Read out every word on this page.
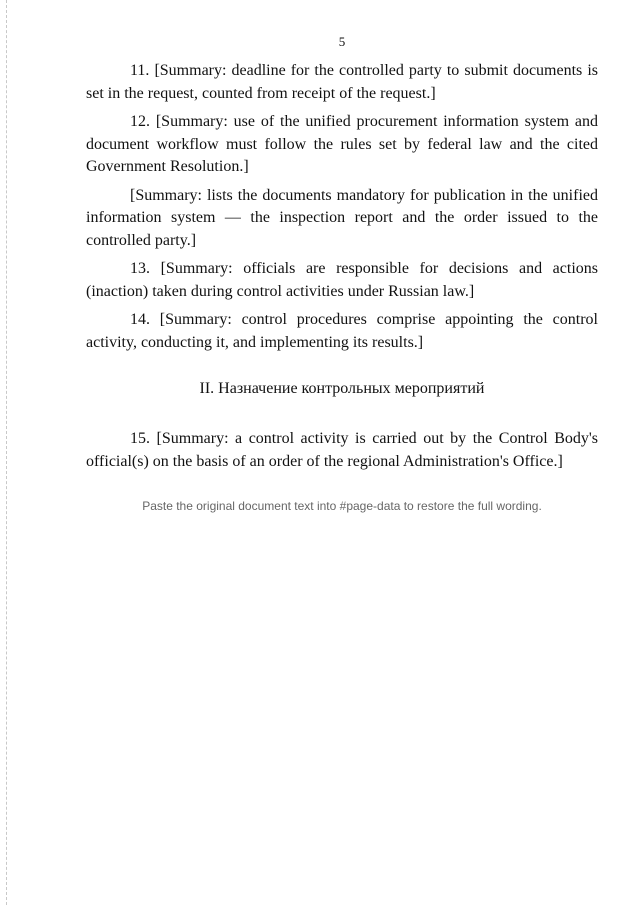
5

11. [Summary: deadline for the controlled party to submit documents is set in the request, counted from receipt of the request.]

12. [Summary: use of the unified procurement information system and document workflow must follow the rules set by federal law and the cited Government Resolution.]

[Summary: lists the documents mandatory for publication in the unified information system — the inspection report and the order issued to the controlled party.]

13. [Summary: officials are responsible for decisions and actions (inaction) taken during control activities under Russian law.]

14. [Summary: control procedures comprise appointing the control activity, conducting it, and implementing its results.]

II. Назначение контрольных мероприятий

15. [Summary: a control activity is carried out by the Control Body's official(s) on the basis of an order of the regional Administration's Office.]

Paste the original document text into #page-data to restore the full wording.
